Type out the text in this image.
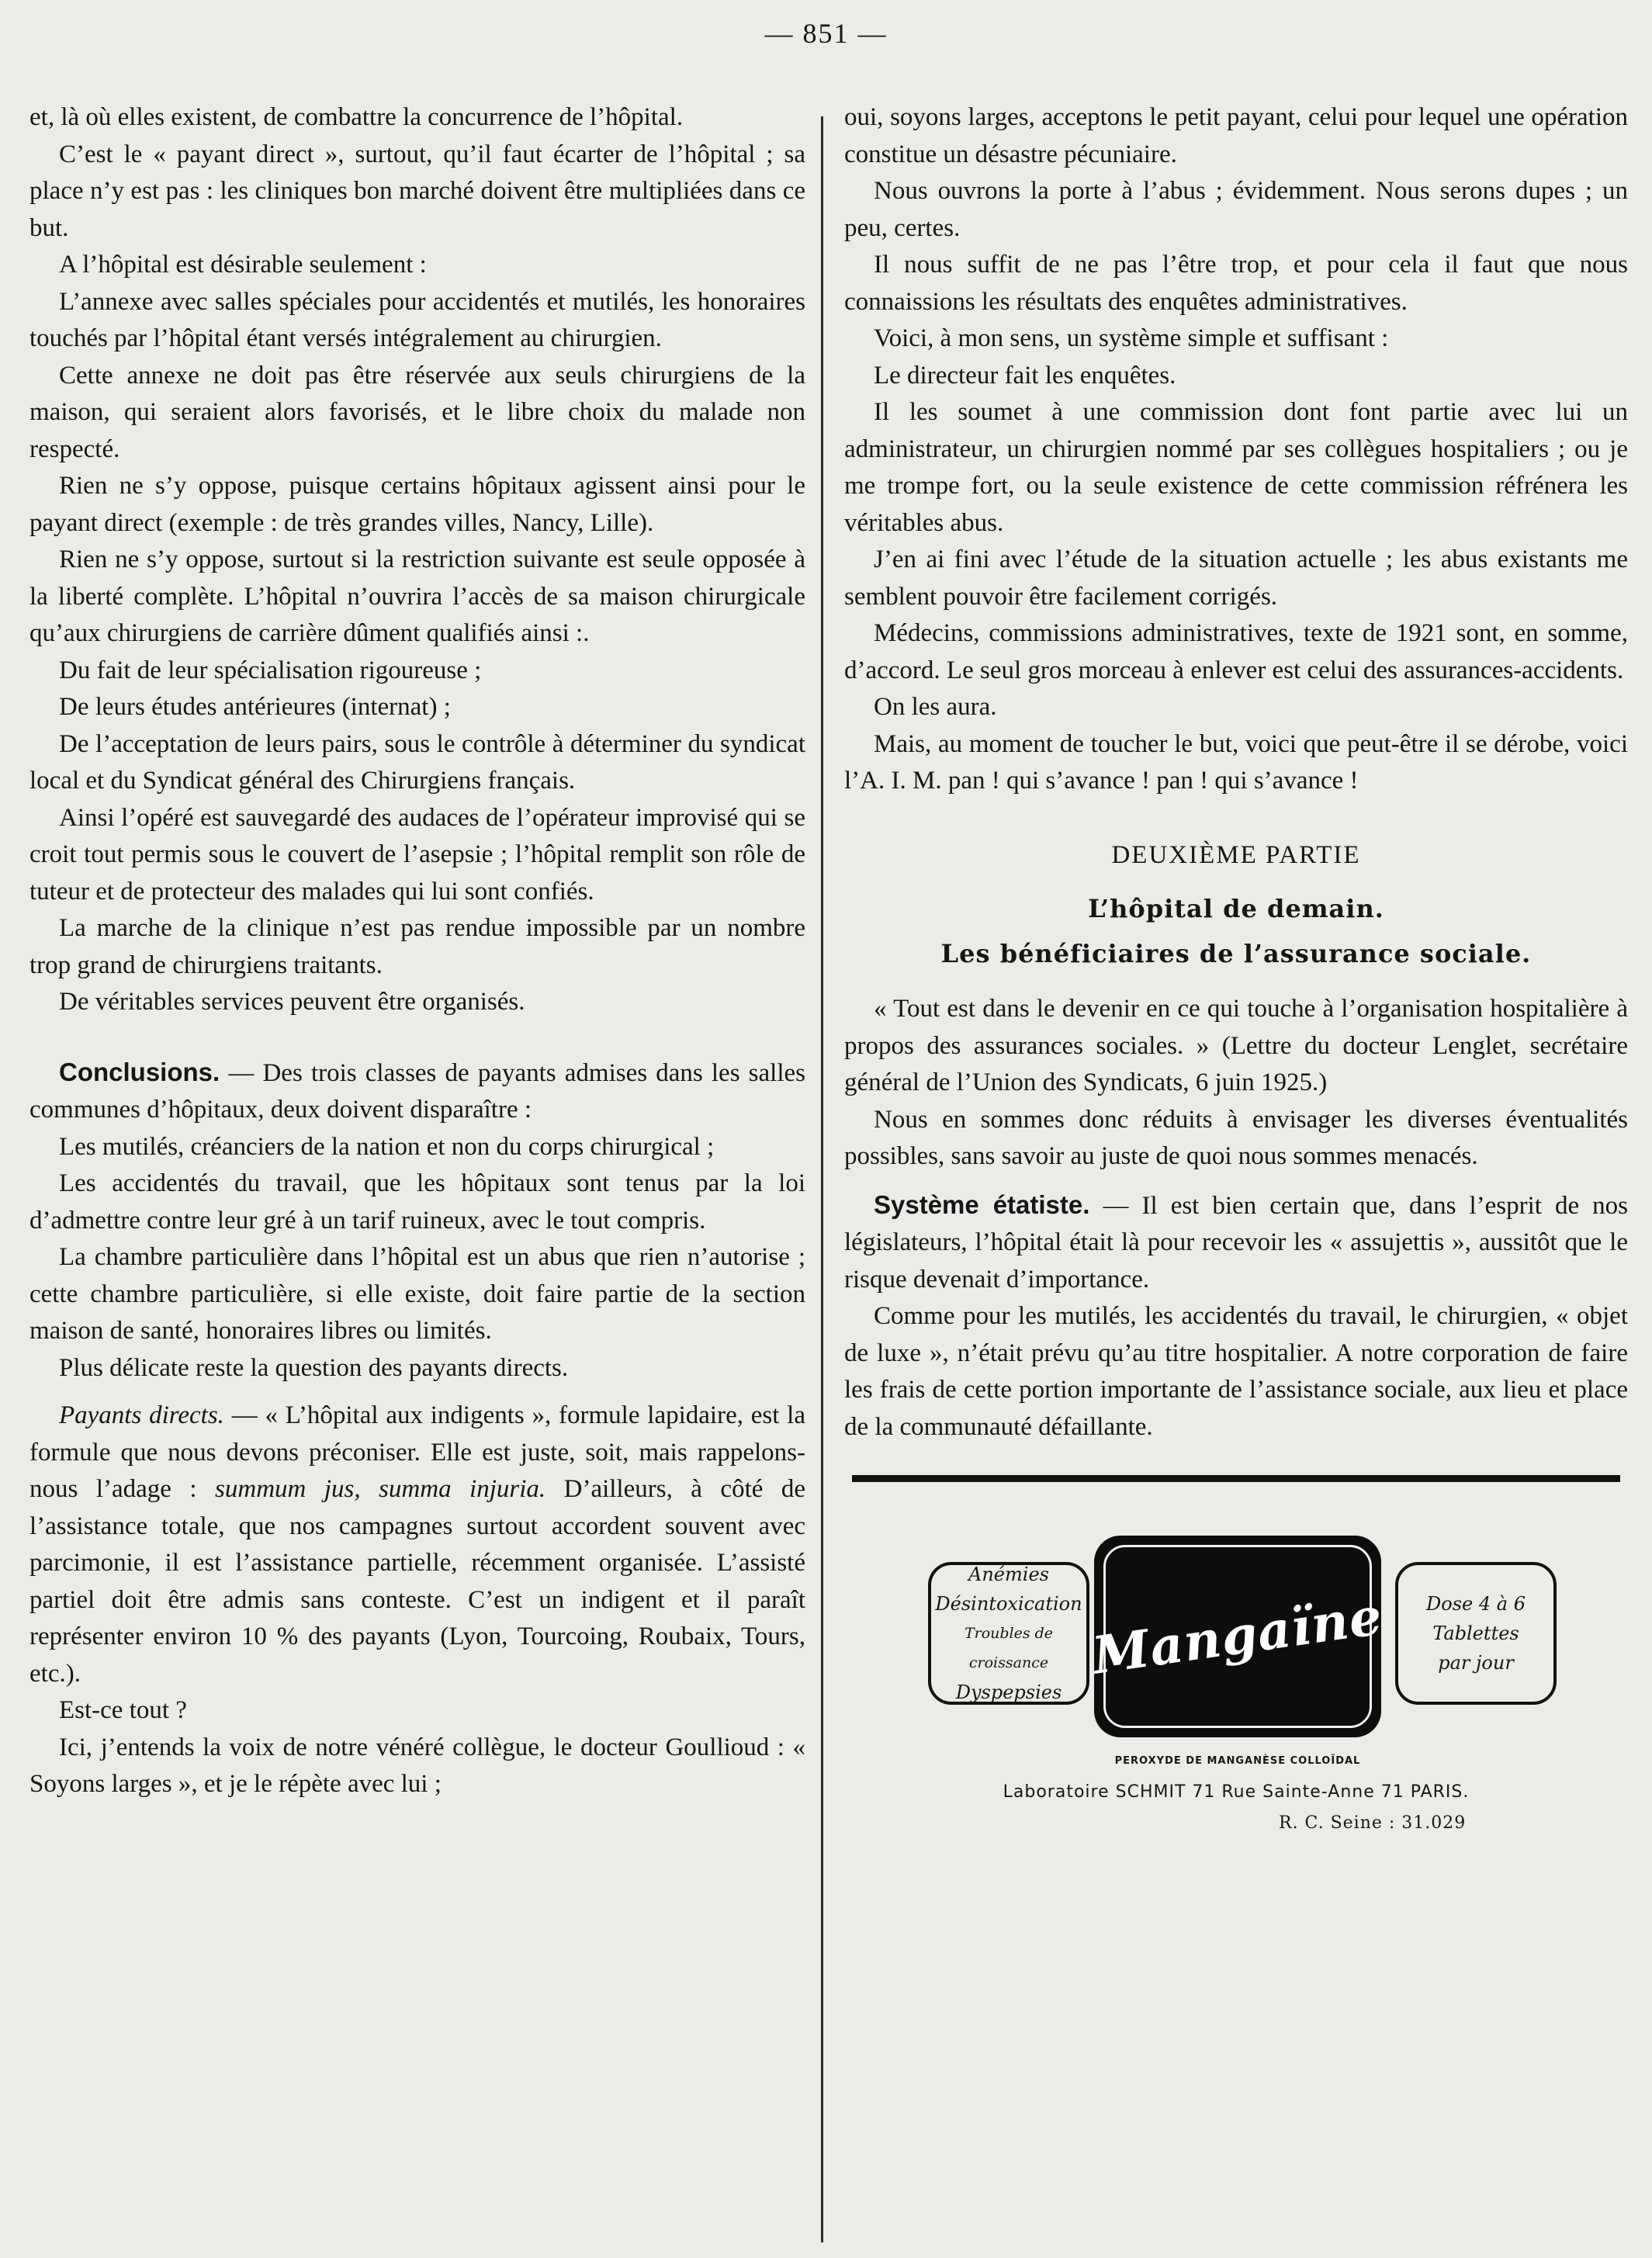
— 851 —

et, là où elles existent, de combattre la concurrence de l’hôpital.

C’est le « payant direct », surtout, qu’il faut écarter de l’hôpital ; sa place n’y est pas : les cliniques bon marché doivent être multipliées dans ce but.

A l’hôpital est désirable seulement :

L’annexe avec salles spéciales pour accidentés et mutilés, les honoraires touchés par l’hôpital étant versés intégralement au chirurgien.

Cette annexe ne doit pas être réservée aux seuls chirurgiens de la maison, qui seraient alors favorisés, et le libre choix du malade non respecté.

Rien ne s’y oppose, puisque certains hôpitaux agissent ainsi pour le payant direct (exemple : de très grandes villes, Nancy, Lille).

Rien ne s’y oppose, surtout si la restriction suivante est seule opposée à la liberté complète. L’hôpital n’ouvrira l’accès de sa maison chirurgicale qu’aux chirurgiens de carrière dûment qualifiés ainsi :.

Du fait de leur spécialisation rigoureuse ;

De leurs études antérieures (internat) ;

De l’acceptation de leurs pairs, sous le contrôle à déterminer du syndicat local et du Syndicat général des Chirurgiens français.

Ainsi l’opéré est sauvegardé des audaces de l’opérateur improvisé qui se croit tout permis sous le couvert de l’asepsie ; l’hôpital remplit son rôle de tuteur et de protecteur des malades qui lui sont confiés.

La marche de la clinique n’est pas rendue impossible par un nombre trop grand de chirurgiens traitants.

De véritables services peuvent être organisés.

Conclusions. — Des trois classes de payants admises dans les salles communes d’hôpitaux, deux doivent disparaître :

Les mutilés, créanciers de la nation et non du corps chirurgical ;

Les accidentés du travail, que les hôpitaux sont tenus par la loi d’admettre contre leur gré à un tarif ruineux, avec le tout compris.

La chambre particulière dans l’hôpital est un abus que rien n’autorise ; cette chambre particulière, si elle existe, doit faire partie de la section maison de santé, honoraires libres ou limités.

Plus délicate reste la question des payants directs.

Payants directs. — « L’hôpital aux indigents », formule lapidaire, est la formule que nous devons préconiser. Elle est juste, soit, mais rappelons-nous l’adage : summum jus, summa injuria. D’ailleurs, à côté de l’assistance totale, que nos campagnes surtout accordent souvent avec parcimonie, il est l’assistance partielle, récemment organisée. L’assisté partiel doit être admis sans conteste. C’est un indigent et il paraît représenter environ 10 % des payants (Lyon, Tourcoing, Roubaix, Tours, etc.).

Est-ce tout ?

Ici, j’entends la voix de notre vénéré collègue, le docteur Goullioud : « Soyons larges », et je le répète avec lui ;

oui, soyons larges, acceptons le petit payant, celui pour lequel une opération constitue un désastre pécuniaire.

Nous ouvrons la porte à l’abus ; évidemment. Nous serons dupes ; un peu, certes.

Il nous suffit de ne pas l’être trop, et pour cela il faut que nous connaissions les résultats des enquêtes administratives.

Voici, à mon sens, un système simple et suffisant :

Le directeur fait les enquêtes.

Il les soumet à une commission dont font partie avec lui un administrateur, un chirurgien nommé par ses collègues hospitaliers ; ou je me trompe fort, ou la seule existence de cette commission réfrénera les véritables abus.

J’en ai fini avec l’étude de la situation actuelle ; les abus existants me semblent pouvoir être facilement corrigés.

Médecins, commissions administratives, texte de 1921 sont, en somme, d’accord. Le seul gros morceau à enlever est celui des assurances-accidents.

On les aura.

Mais, au moment de toucher le but, voici que peut-être il se dérobe, voici l’A. I. M. pan ! qui s’avance ! pan ! qui s’avance !

DEUXIÈME PARTIE
L’hôpital de demain.
Les bénéficiaires de l’assurance sociale.

« Tout est dans le devenir en ce qui touche à l’organisation hospitalière à propos des assurances sociales. » (Lettre du docteur Lenglet, secrétaire général de l’Union des Syndicats, 6 juin 1925.)

Nous en sommes donc réduits à envisager les diverses éventualités possibles, sans savoir au juste de quoi nous sommes menacés.

Système étatiste. — Il est bien certain que, dans l’esprit de nos législateurs, l’hôpital était là pour recevoir les « assujettis », aussitôt que le risque devenait d’importance.

Comme pour les mutilés, les accidentés du travail, le chirurgien, « objet de luxe », n’était prévu qu’au titre hospitalier. A notre corporation de faire les frais de cette portion importante de l’assistance sociale, aux lieu et place de la communauté défaillante.

Anémies
Désintoxication
Troubles de croissance
Dyspepsies
Mangaïne	Dose 4 à 6
Tablettes
par jour
PEROXYDE DE MANGANÈSE COLLOÏDAL
Laboratoire SCHMIT 71 Rue Sainte-Anne 71 PARIS.
R. C. Seine : 31.029
